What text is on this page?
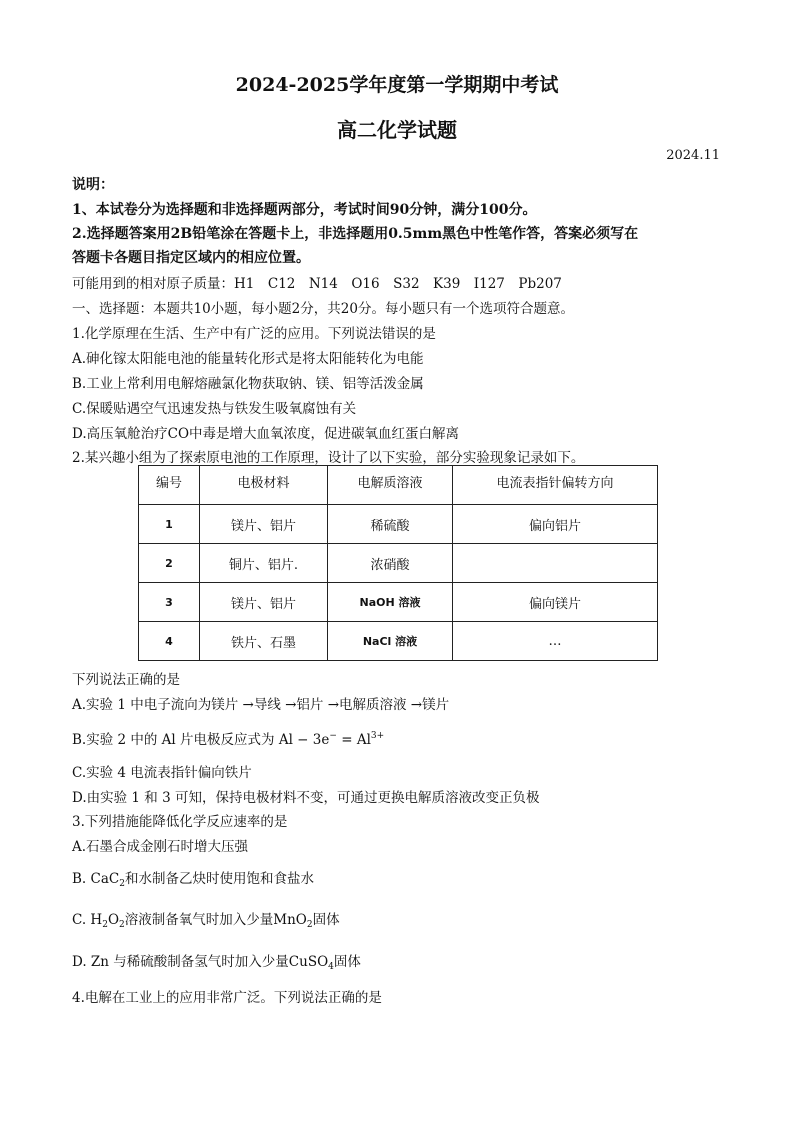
2024-2025学年度第一学期期中考试
高二化学试题
2024.11
说明：
1、本试卷分为选择题和非选择题两部分，考试时间90分钟，满分100分。
2.选择题答案用2B铅笔涂在答题卡上，非选择题用0.5mm黑色中性笔作答，答案必须写在
答题卡各题目指定区域内的相应位置。
可能用到的相对原子质量：H1　C12　N14　O16　S32　K39　I127　Pb207
一、选择题：本题共10小题，每小题2分，共20分。每小题只有一个选项符合题意。
1.化学原理在生活、生产中有广泛的应用。下列说法错误的是
A.砷化镓太阳能电池的能量转化形式是将太阳能转化为电能
B.工业上常利用电解熔融氯化物获取钠、镁、铝等活泼金属
C.保暖贴遇空气迅速发热与铁发生吸氧腐蚀有关
D.高压氧舱治疗CO中毒是增大血氧浓度，促进碳氧血红蛋白解离
2.某兴趣小组为了探索原电池的工作原理，设计了以下实验，部分实验现象记录如下。
编号	电极材料	电解质溶液	电流表指针偏转方向
1	镁片、铝片	稀硫酸	偏向铝片
2	铜片、铝片.	浓硝酸	
3	镁片、铝片	NaOH 溶液	偏向镁片
4	铁片、石墨	NaCl 溶液	…
下列说法正确的是
A.实验 1 中电子流向为镁片 →导线 →铝片 →电解质溶液 →镁片
B.实验 2 中的 Al 片电极反应式为 $Al - 3e^- = Al^{3+}$
C.实验 4 电流表指针偏向铁片
D.由实验 1 和 3 可知，保持电极材料不变，可通过更换电解质溶液改变正负极
3.下列措施能降低化学反应速率的是
A.石墨合成金刚石时增大压强
B. CaC$_2$和水制备乙炔时使用饱和食盐水
C. $H_2O_2$溶液制备氧气时加入少量MnO$_2$固体
D. Zn 与稀硫酸制备氢气时加入少量CuSO$_4$固体
4.电解在工业上的应用非常广泛。下列说法正确的是
